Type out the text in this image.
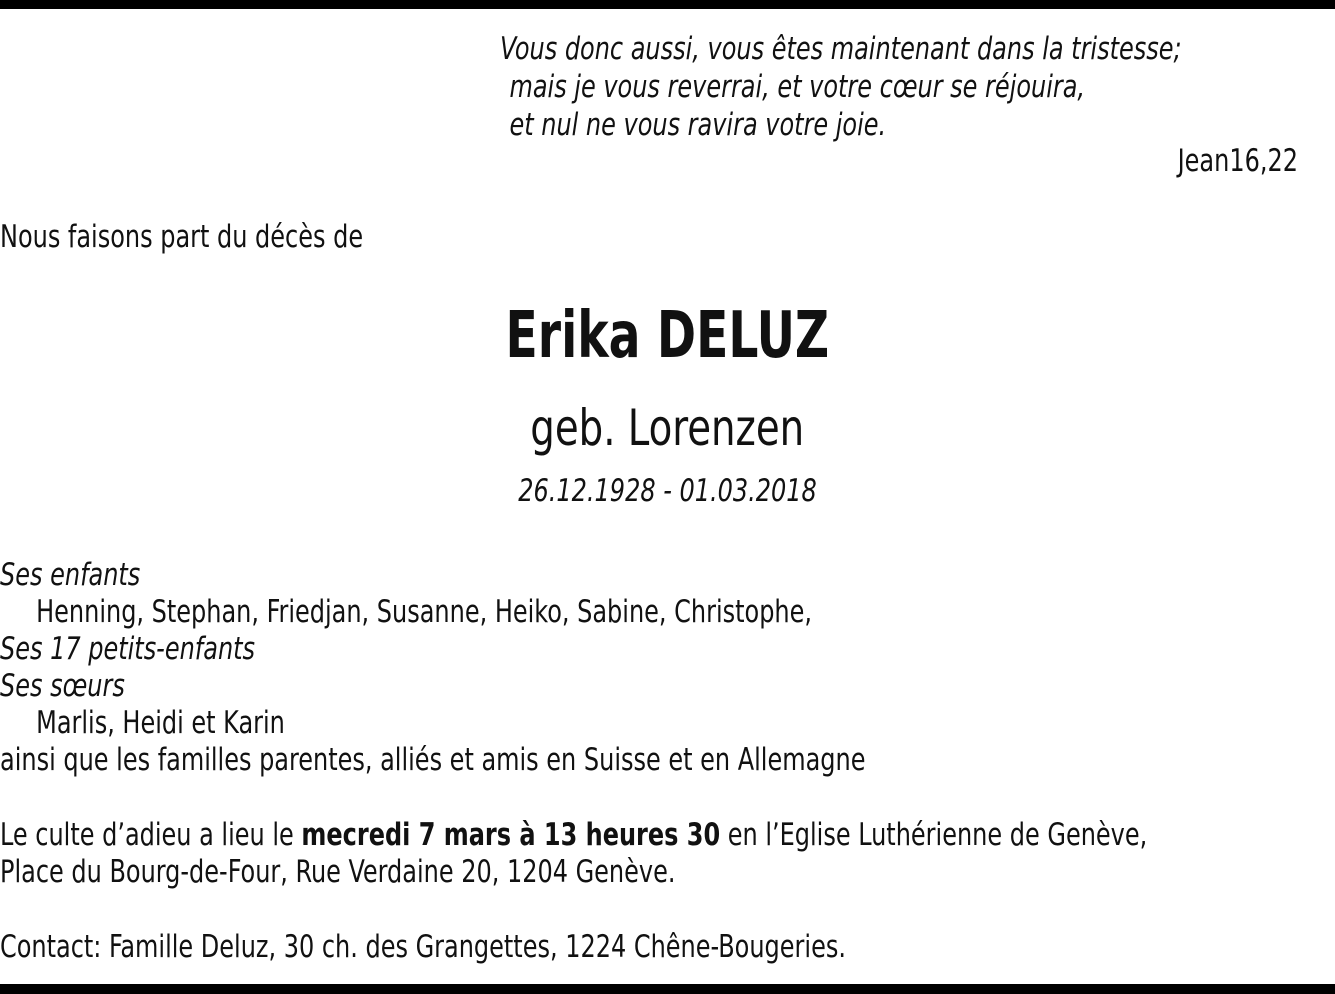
Vous donc aussi, vous êtes maintenant dans la tristesse;
mais je vous reverrai, et votre cœur se réjouira,
et nul ne vous ravira votre joie.
Jean16,22
Nous faisons part du décès de
Erika DELUZ
geb. Lorenzen
26.12.1928 - 01.03.2018
Ses enfants
Henning, Stephan, Friedjan, Susanne, Heiko, Sabine, Christophe,
Ses 17 petits-enfants
Ses sœurs
Marlis, Heidi et Karin
ainsi que les familles parentes, alliés et amis en Suisse et en Allemagne
Le culte d’adieu a lieu le mecredi 7 mars à 13 heures 30 en l’Eglise Luthérienne de Genève,
Place du Bourg-de-Four, Rue Verdaine 20, 1204 Genève.
Contact: Famille Deluz, 30 ch. des Grangettes, 1224 Chêne-Bougeries.
